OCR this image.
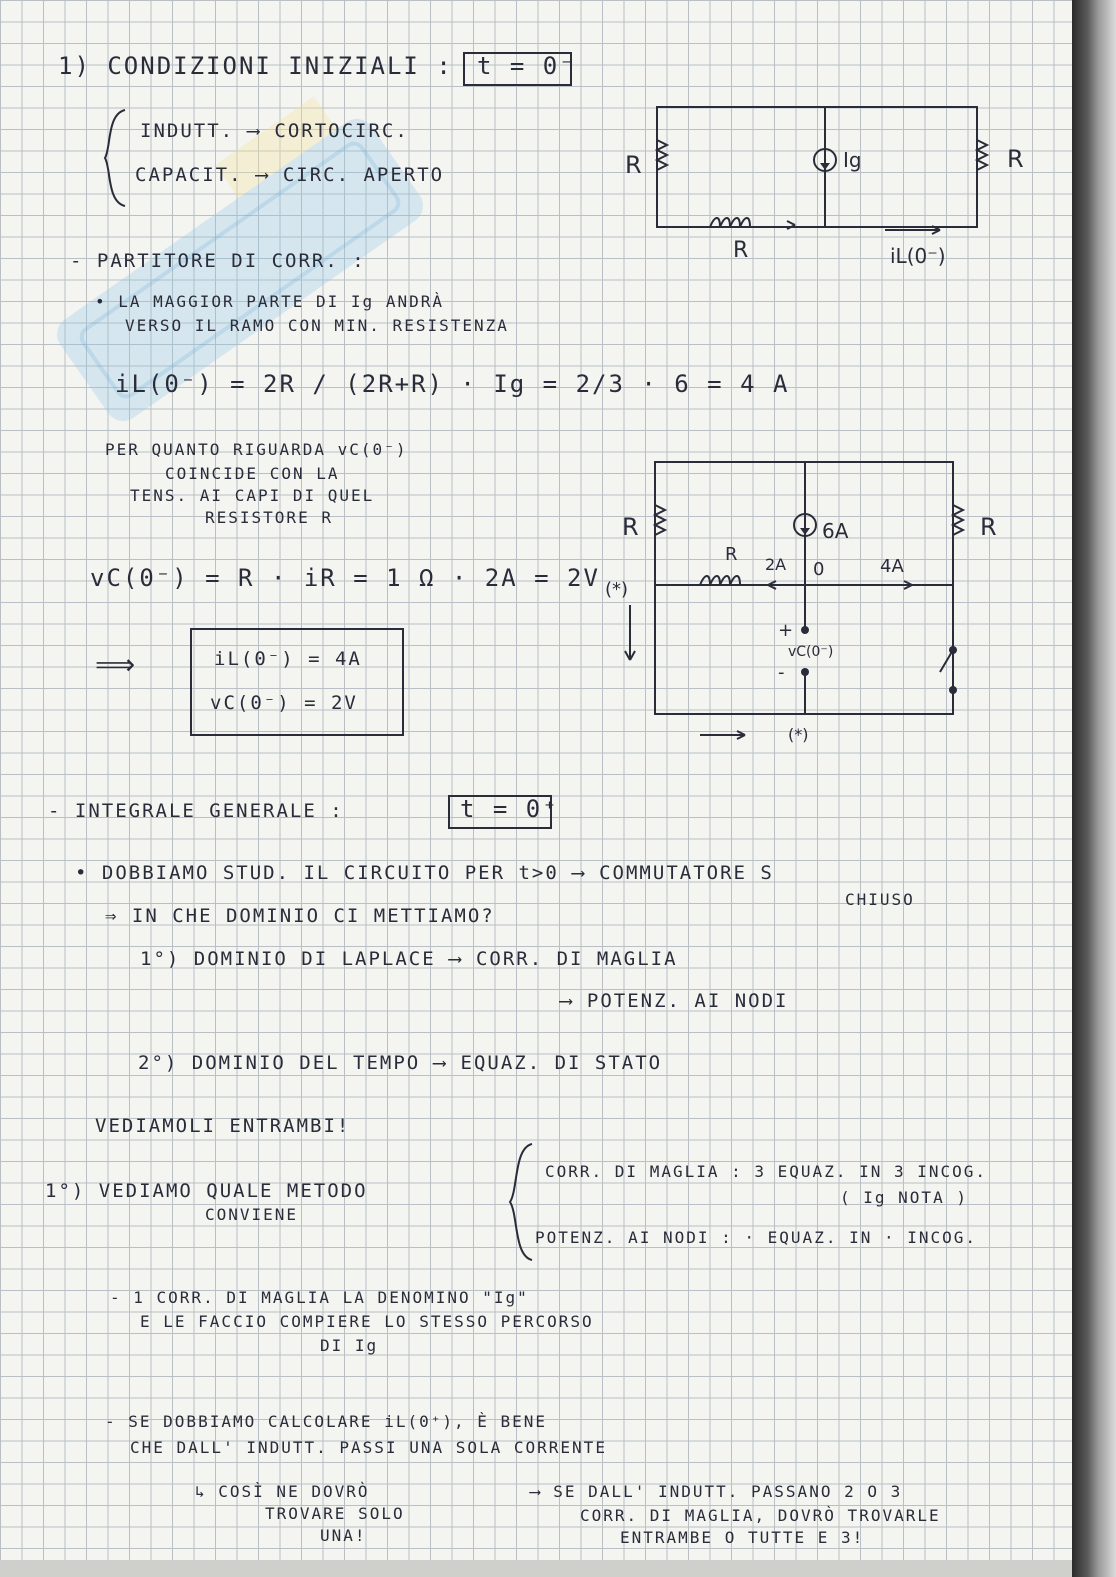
1) CONDIZIONI INIZIALI : t = 0⁻
INDUTT. ⟶ CORTOCIRC.
CAPACIT. ⟶ CIRC. APERTO	R	R
R
Ig
iL(0⁻)
- PARTITORE DI CORR. :
• LA MAGGIOR PARTE DI Ig ANDRÀ
VERSO IL RAMO CON MIN. RESISTENZA
iL(0⁻) = 2R / (2R+R) · Ig = 2/3 · 6 = 4 A
PER QUANTO RIGUARDA vC(0⁻)
COINCIDE CON LA
TENS. AI CAPI DI QUEL
RESISTORE R
vC(0⁻) = R · iR = 1 Ω · 2A = 2V
⟹	iL(0⁻) = 4A
vC(0⁻) = 2V
R	R
R
6A
2A	4A
0
+
-
vC(0⁻)
(*)
(*)
- INTEGRALE GENERALE :	t = 0⁺
• DOBBIAMO STUD. IL CIRCUITO PER t>0 ⟶ COMMUTATORE S
CHIUSO
⇒ IN CHE DOMINIO CI METTIAMO?
1°) DOMINIO DI LAPLACE ⟶ CORR. DI MAGLIA
⟶ POTENZ. AI NODI
2°) DOMINIO DEL TEMPO ⟶ EQUAZ. DI STATO
VEDIAMOLI ENTRAMBI!
1°) VEDIAMO QUALE METODO
CONVIENE
CORR. DI MAGLIA : 3 EQUAZ. IN 3 INCOG.
( Ig NOTA )
POTENZ. AI NODI : · EQUAZ. IN · INCOG.
- 1 CORR. DI MAGLIA LA DENOMINO "Ig"
E LE FACCIO COMPIERE LO STESSO PERCORSO
DI Ig
- SE DOBBIAMO CALCOLARE iL(0⁺), È BENE
CHE DALL' INDUTT. PASSI UNA SOLA CORRENTE
↳ COSÌ NE DOVRÒ
TROVARE SOLO
UNA!
⟶ SE DALL' INDUTT. PASSANO 2 O 3
CORR. DI MAGLIA, DOVRÒ TROVARLE
ENTRAMBE O TUTTE E 3!
